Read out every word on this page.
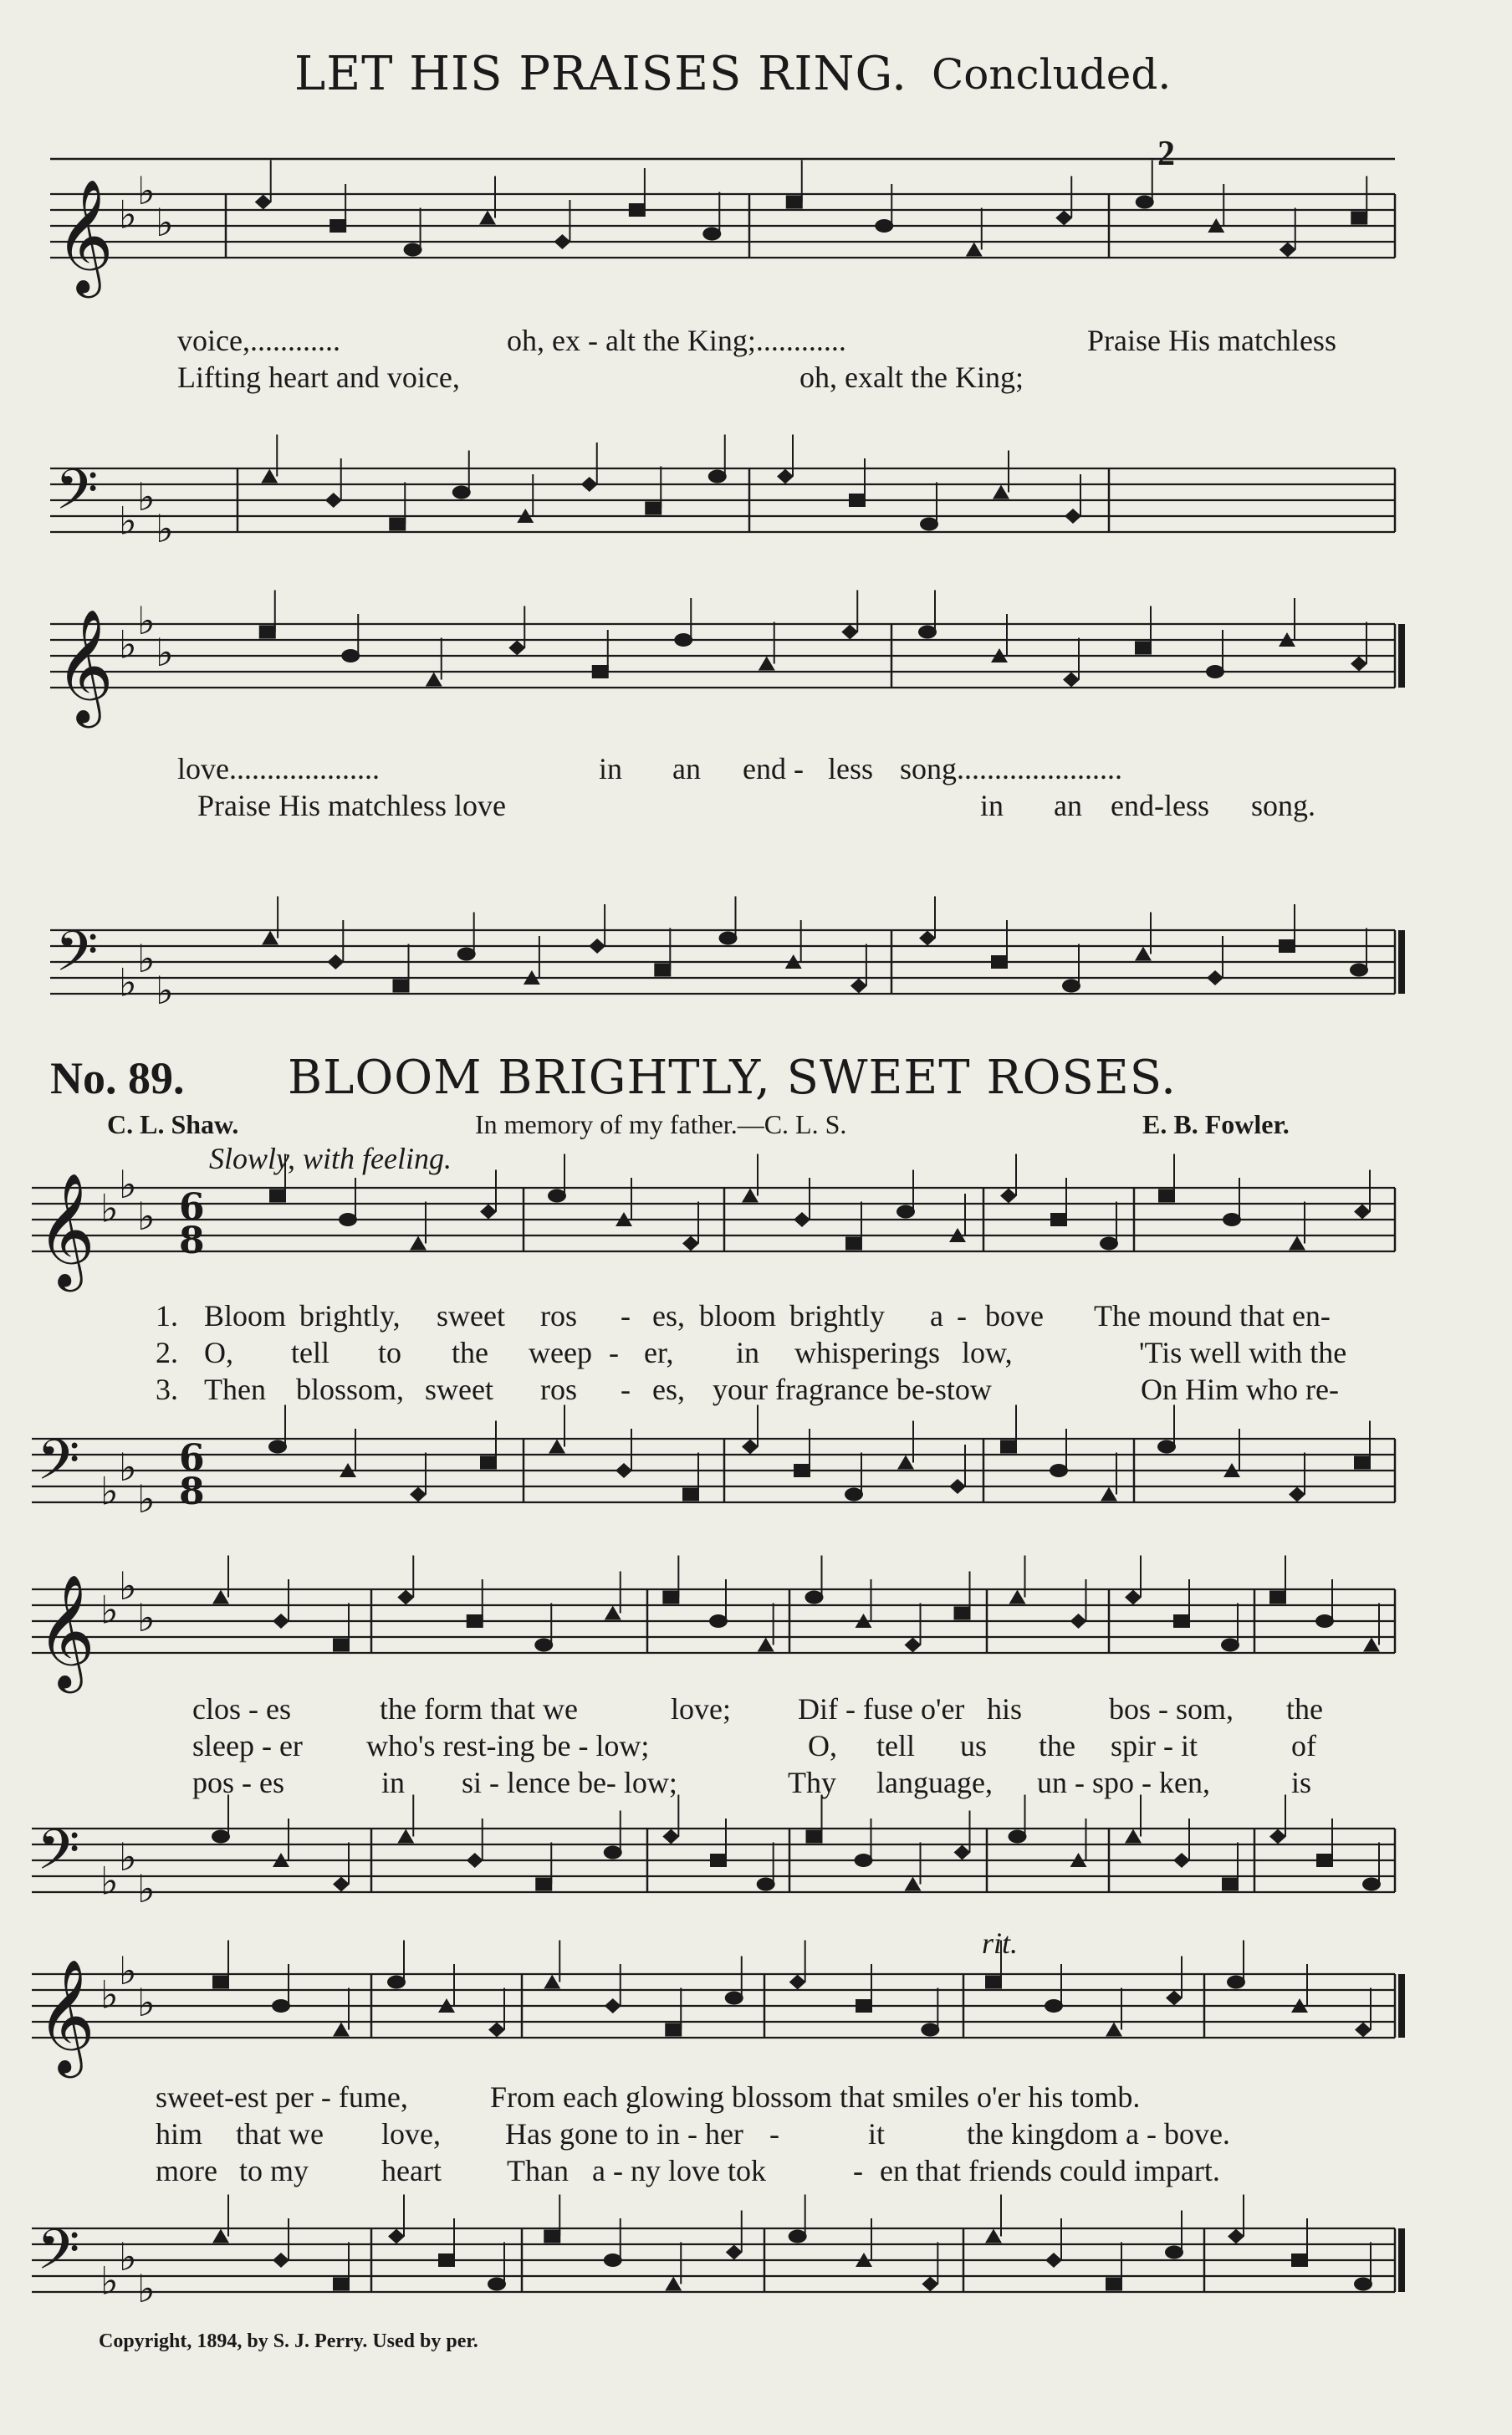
LET HIS PRAISES RING. Concluded.
𝄞 ♭
♭
♭
𝄢 ♭
♭
♭
𝄞 ♭
♭
♭
𝄢 ♭
♭
♭
𝄞 ♭
♭
♭
𝄢 ♭
♭
♭
𝄞 ♭
♭
♭
𝄢 ♭
♭
♭
𝄞 ♭
♭
♭
𝄢 ♭
♭
♭
6
8
6
8
2
voice,............	oh, ex - alt the King;............	Praise His matchless
Lifting heart and voice,	oh, exalt the King;
love....................	in an end - less song......................
Praise His matchless love	in an end-less song.
No. 89. BLOOM BRIGHTLY, SWEET ROSES.
C. L. Shaw.	In memory of my father.—C. L. S.	E. B. Fowler.
Slowly, with feeling.
1. Bloom brightly, sweet ros - es, bloom brightly a - bove The mound that en-
2. O, tell to the weep - er, in whisperings low,	'Tis well with the
3. Then blossom, sweet ros - es, your fragrance be-stow	On Him who re-
clos - es	the form that we	love; Dif - fuse o'er his	bos - som, the
sleep - er who's rest-ing be - low;	O, tell us the spir - it	of
pos - es	in si - lence be- low;	Thy language, un - spo - ken,	is
rit.
sweet-est per - fume,	From each glowing blossom that smiles o'er his tomb.
him that we love, Has gone to in - her -	it	the kingdom a - bove.
more to my heart Than a - ny love tok	- en that friends could impart.
Copyright, 1894, by S. J. Perry. Used by per.
